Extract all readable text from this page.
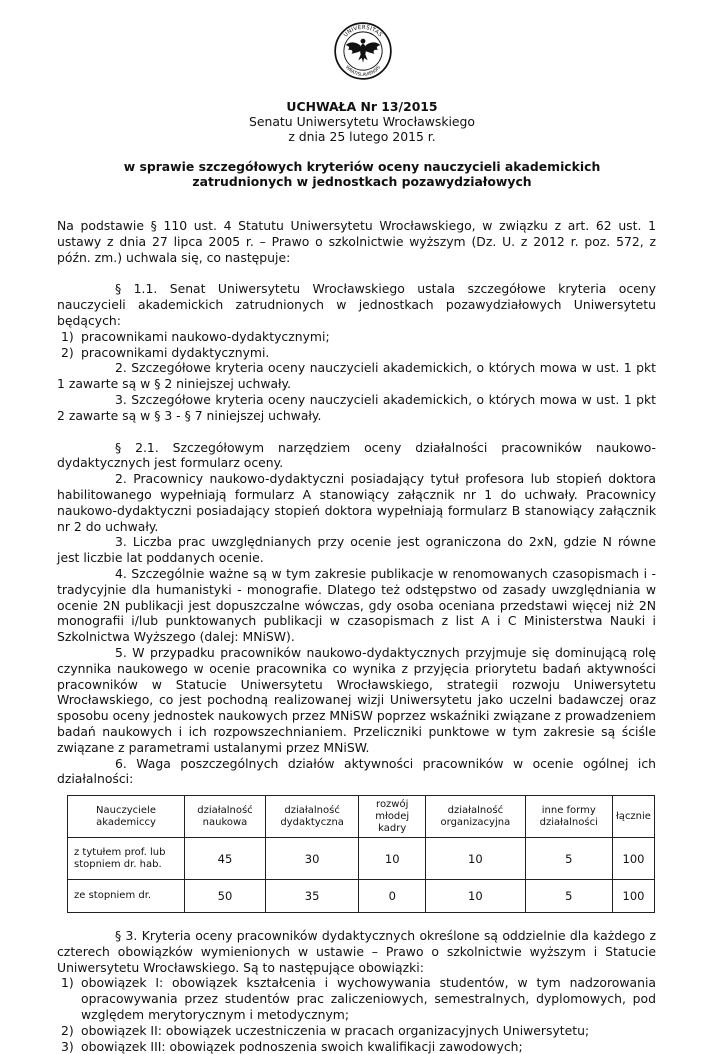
UNIVERSITAS
WRATISLAVIENSIS
UCHWAŁA Nr 13/2015
Senatu Uniwersytetu Wrocławskiego
z dnia 25 lutego 2015 r.
w sprawie szczegółowych kryteriów oceny nauczycieli akademickich zatrudnionych w jednostkach pozawydziałowych

Na podstawie § 110 ust. 4 Statutu Uniwersytetu Wrocławskiego, w związku z art. 62 ust. 1 ustawy z dnia 27 lipca 2005 r. – Prawo o szkolnictwie wyższym (Dz. U. z 2012 r. poz. 572, z późn. zm.) uchwala się, co następuje:

§ 1.1. Senat Uniwersytetu Wrocławskiego ustala szczegółowe kryteria oceny nauczycieli akademickich zatrudnionych w jednostkach pozawydziałowych Uniwersytetu będących:

1) pracownikami naukowo-dydaktycznymi;
2) pracownikami dydaktycznymi.

2. Szczegółowe kryteria oceny nauczycieli akademickich, o których mowa w ust. 1 pkt 1 zawarte są w § 2 niniejszej uchwały.

3. Szczegółowe kryteria oceny nauczycieli akademickich, o których mowa w ust. 1 pkt 2 zawarte są w § 3 - § 7 niniejszej uchwały.

§ 2.1. Szczegółowym narzędziem oceny działalności pracowników naukowo-dydaktycznych jest formularz oceny.

2. Pracownicy naukowo-dydaktyczni posiadający tytuł profesora lub stopień doktora habilitowanego wypełniają formularz A stanowiący załącznik nr 1 do uchwały. Pracownicy naukowo-dydaktyczni posiadający stopień doktora wypełniają formularz B stanowiący załącznik nr 2 do uchwały.

3. Liczba prac uwzględnianych przy ocenie jest ograniczona do 2xN, gdzie N równe jest liczbie lat poddanych ocenie.

4. Szczególnie ważne są w tym zakresie publikacje w renomowanych czasopismach i - tradycyjnie dla humanistyki - monografie. Dlatego też odstępstwo od zasady uwzględniania w ocenie 2N publikacji jest dopuszczalne wówczas, gdy osoba oceniana przedstawi więcej niż 2N monografii i/lub punktowanych publikacji w czasopismach z list A i C Ministerstwa Nauki i Szkolnictwa Wyższego (dalej: MNiSW).

5. W przypadku pracowników naukowo-dydaktycznych przyjmuje się dominującą rolę czynnika naukowego w ocenie pracownika co wynika z przyjęcia priorytetu badań aktywności pracowników w Statucie Uniwersytetu Wrocławskiego, strategii rozwoju Uniwersytetu Wrocławskiego, co jest pochodną realizowanej wizji Uniwersytetu jako uczelni badawczej oraz sposobu oceny jednostek naukowych przez MNiSW poprzez wskaźniki związane z prowadzeniem badań naukowych i ich rozpowszechnianiem. Przeliczniki punktowe w tym zakresie są ściśle związane z parametrami ustalanymi przez MNiSW.

6. Waga poszczególnych działów aktywności pracowników w ocenie ogólnej ich działalności:

Nauczyciele akademiccy	działalność naukowa	działalność dydaktyczna	rozwój młodej kadry	działalność organizacyjna	inne formy działalności	łącznie
z tytułem prof. lub stopniem dr. hab.	45	30	10	10	5	100
ze stopniem dr.	50	35	0	10	5	100

§ 3. Kryteria oceny pracowników dydaktycznych określone są oddzielnie dla każdego z czterech obowiązków wymienionych w ustawie – Prawo o szkolnictwie wyższym i Statucie Uniwersytetu Wrocławskiego. Są to następujące obowiązki:

1) obowiązek I: obowiązek kształcenia i wychowywania studentów, w tym nadzorowania opracowywania przez studentów prac zaliczeniowych, semestralnych, dyplomowych, pod względem merytorycznym i metodycznym;
2) obowiązek II: obowiązek uczestniczenia w pracach organizacyjnych Uniwersytetu;
3) obowiązek III: obowiązek podnoszenia swoich kwalifikacji zawodowych;
